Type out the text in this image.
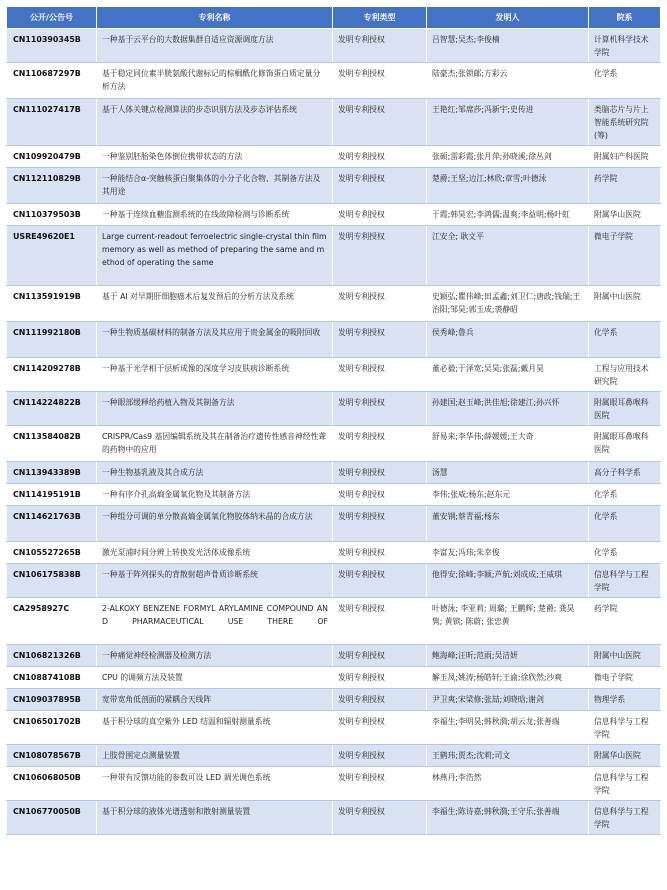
公开/公告号	专利名称	专利类型	发明人	院系
CN110390345B	一种基于云平台的大数据集群自适应资源调度方法	发明专利授权	吕智慧;吴杰;李俊楠	计算机科学技术学院
CN110687297B	基于稳定同位素半胱氨酸代谢标记的棕榈酰化修饰蛋白质定量分析方法	发明专利授权	陆豪杰;张锁邮;方彩云	化学系
CN111027417B	基于人体关键点检测算法的步态识别方法及步态评估系统	发明专利授权	王艳红;邹席莎;冯新宇;史传进	类脑芯片与片上智能系统研究院(筹)
CN109920479B	一种鉴别胚胎染色体倒位携带状态的方法	发明专利授权	张硕;雷彩霞;张月萍;孙晓溪;徐丛剑	附属妇产科医院
CN112110829B	一种能结合α-突触核蛋白聚集体的小分子化合物、其制备方法及其用途	发明专利授权	楚爵;王坚;边江;林欣;章雪;叶德泳	药学院
CN110379503B	一种基于连续血糖监测系统的在线故障检测与诊断系统	发明专利授权	于霞;韩昊宏;李鸿儒;温爽;李益明;杨叶虹	附属华山医院
USRE49620E1	Large current-readout ferroelectric single-crystal thin film memory as well as method of preparing the same and method of operating the same	发明专利授权	江安全; 耿文平	微电子学院
CN113591919B	基于 AI 对早期肝细胞癌术后复发预后的分析方法及系统	发明专利授权	史颖弘;瞿伟峰;田孟鑫;刘卫仁;唐政;钱瑞;王治阳;邹昊;郭玉成;裘静昭	附属中山医院
CN111992180B	一种生物质基碳材料的制备方法及其应用于贵金属金的吸附回收	发明专利授权	侯秀峰;鲁兵	化学系
CN114209278B	一种基于光学相干层析成像的深度学习皮肤病诊断系统	发明专利授权	董必毅;于泽宽;吴昊;张磊;戴月昊	工程与应用技术研究院
CN114224822B	一种眼部缓释给药植入物及其制备方法	发明专利授权	孙建国;赵玉峰;洪佳旭;徐建江;孙兴怀	附属眼耳鼻喉科医院
CN113584082B	CRISPR/Cas9 基因编辑系统及其在制备治疗遗传性感音神经性聋的药物中的应用	发明专利授权	舒易来;李华伟;薛媛媛;王大奇	附属眼耳鼻喉科医院
CN113943389B	一种生物基乳液及其合成方法	发明专利授权	汤慧	高分子科学系
CN114195191B	一种有序介孔高熵金属氧化物及其制备方法	发明专利授权	李伟;张威;杨东;赵东元	化学系
CN114621763B	一种组分可调的单分散高熵金属氧化物胶体纳米晶的合成方法	发明专利授权	董安钢;蔡青福;杨东	化学系
CN105527265B	激光泵浦时间分辨上转换发光活体成像系统	发明专利授权	李富友;冯玮;朱幸俊	化学系
CN106175838B	一种基于阵列探头的背散射超声骨质诊断系统	发明专利授权	他得安;徐峰;李颖;芦航;刘成成;王威琪	信息科学与工程学院
CA2958927C	2-ALKOXY BENZENE FORMYL ARYLAMINE COMPOUND AND PHARMACEUTICAL USE THERE OF	发明专利授权	叶德泳; 李亚莉; 周璐; 王鹏辉; 楚爵; 龚昊隽; 黄镔; 陈蔚; 张忠黄	药学院
CN106821326B	一种痛觉神经检测器及检测方法	发明专利授权	鲍海峰;汪昕;范雨;吴洁妍	附属中山医院
CN108874108B	CPU 的调频方法及装置	发明专利授权	解玉凤;姚涛;杨皓轩;王渝;徐欣然;沙爽	微电子学院
CN109037895B	宽带宽角低剖面的紧耦合天线阵	发明专利授权	尹卫爽;宋梁修;张喆;刘晓晗;谢剑	物理学系
CN106501702B	基于积分球的真空紫外 LED 结温和辐射测量系统	发明专利授权	李福生;李明昊;韩秋漪;胡云龙;张善端	信息科学与工程学院
CN108078567B	上肢骨围定点测量装置	发明专利授权	王鹤玮;贾杰;沈莉;司文	附属华山医院
CN106068050B	一种带有反馈功能的参数可设 LED 调光调色系统	发明专利授权	林燕丹;李浩然	信息科学与工程学院
CN106770050B	基于积分球的液体光谱透射和散射测量装置	发明专利授权	李福生;陈诗嘉;韩秋漪;王守乐;张善端	信息科学与工程学院
